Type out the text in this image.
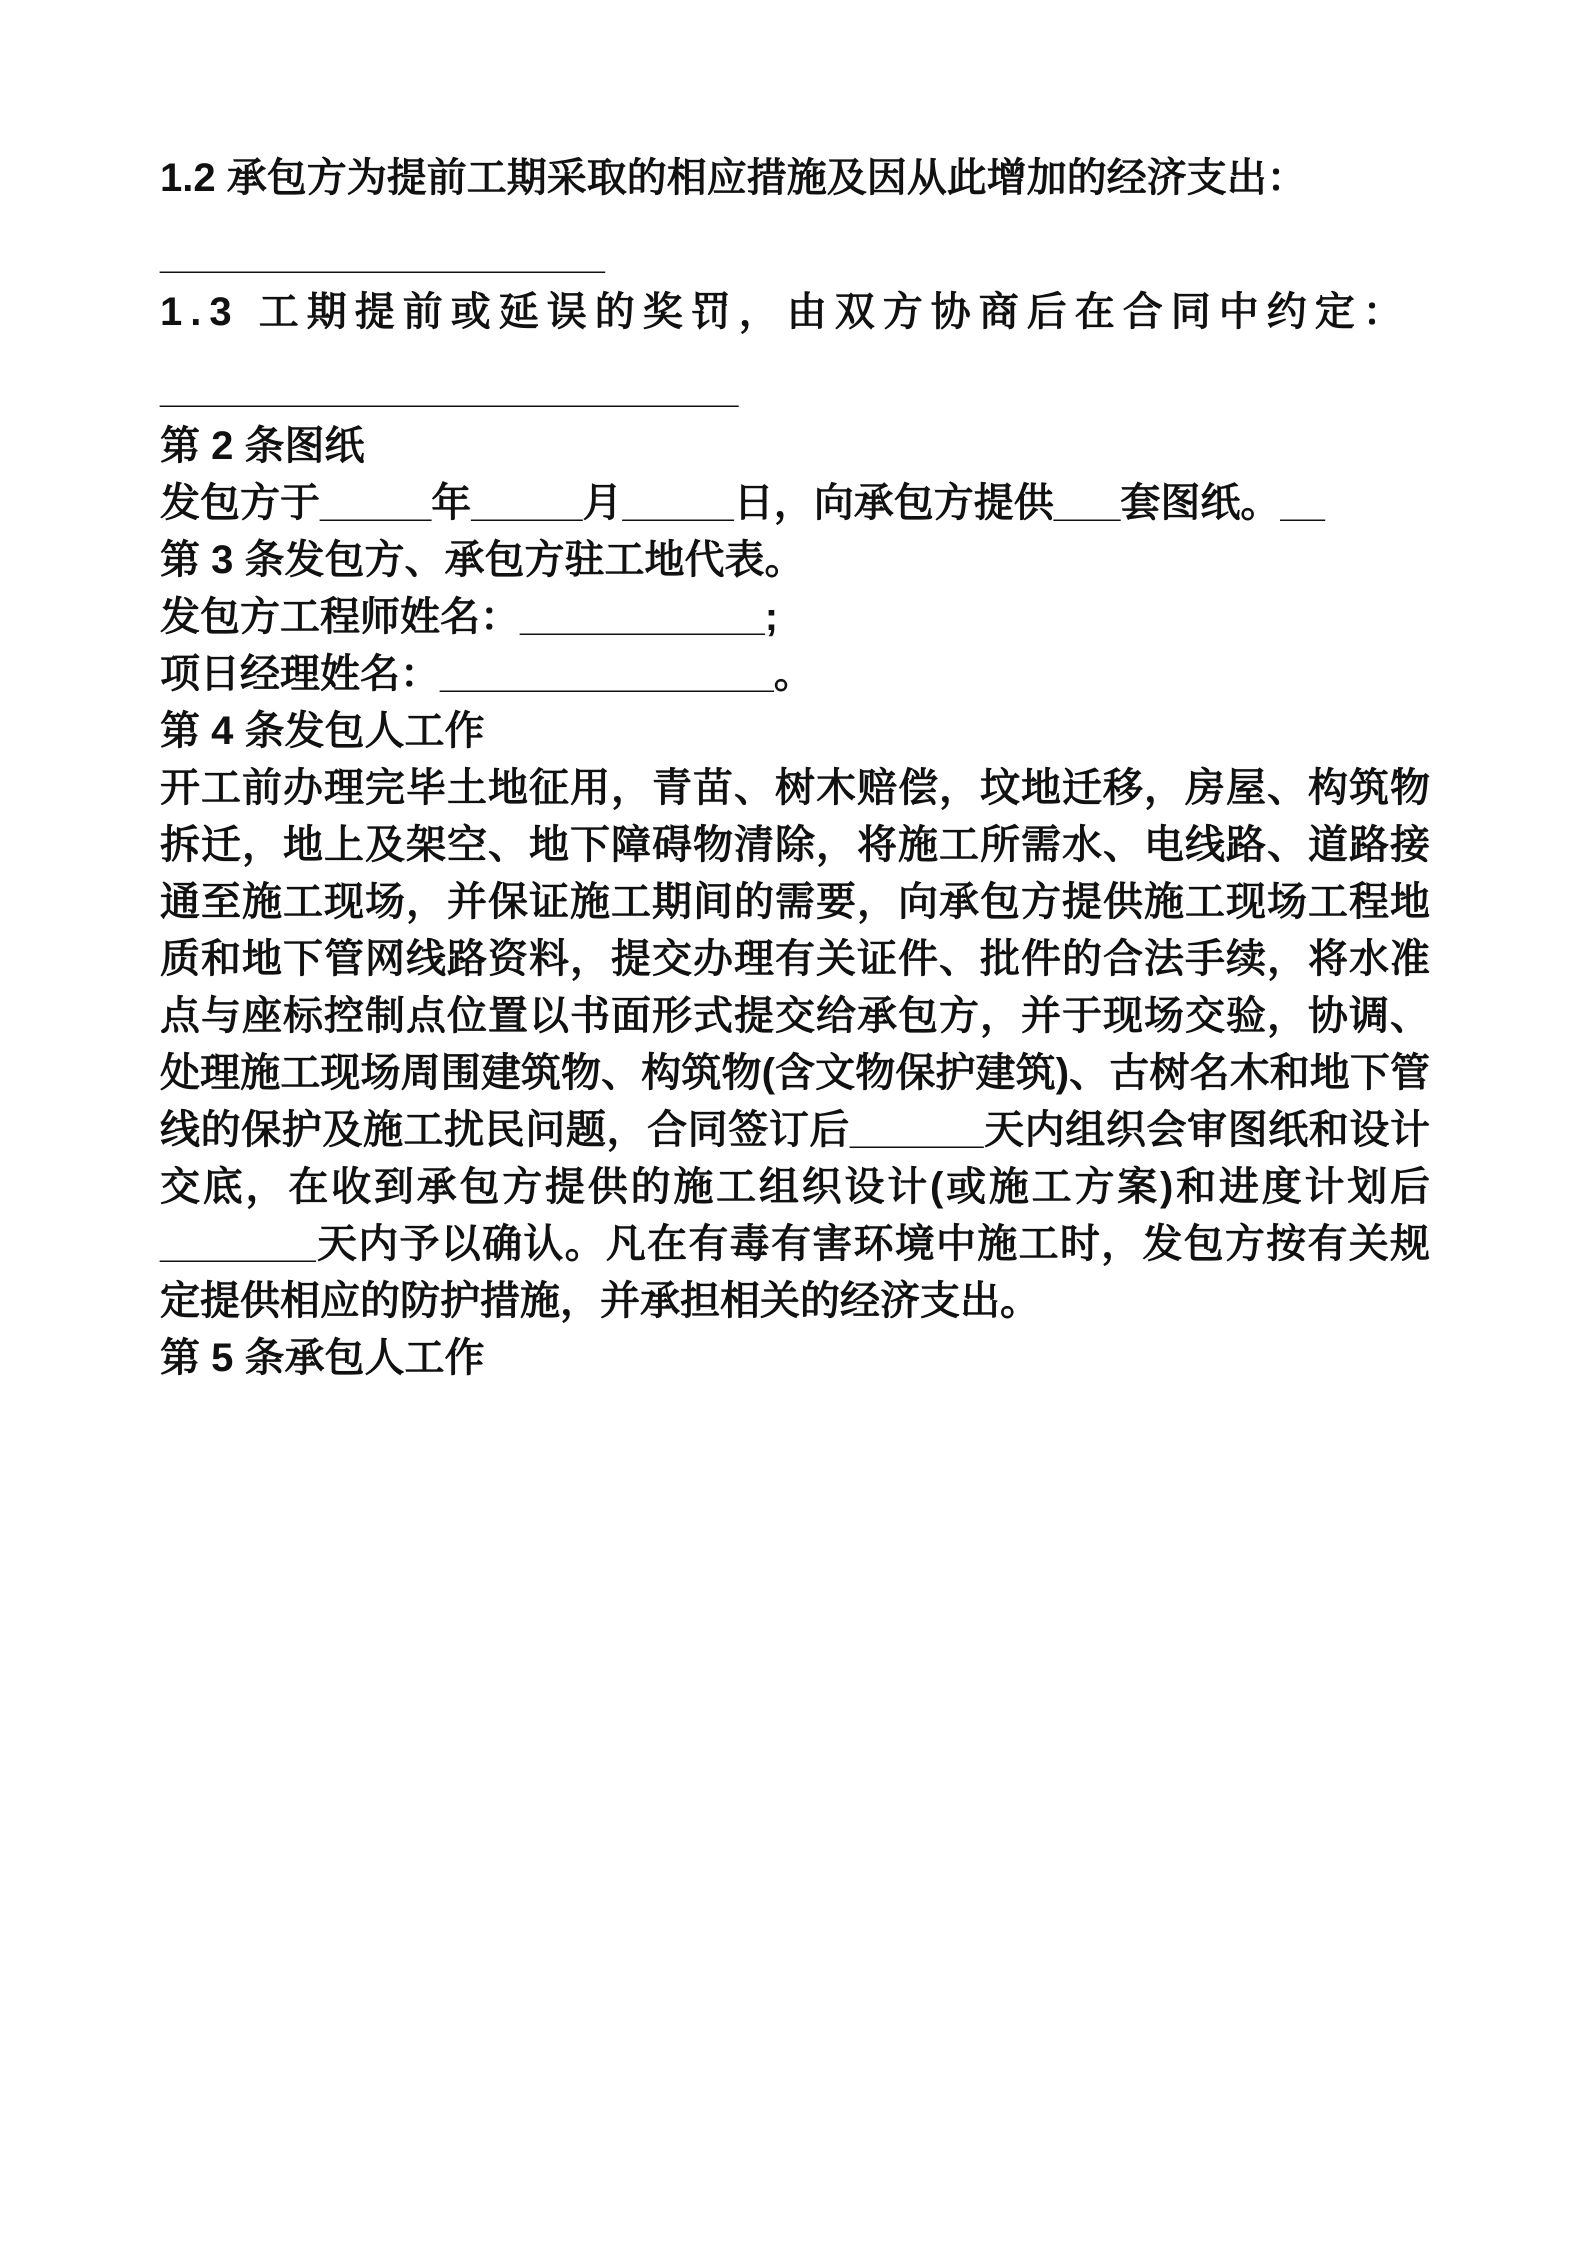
1.2 承包方为提前工期采取的相应措施及因从此增加的经济支出：

____________________

1.3 工期提前或延误的奖罚，由双方协商后在合同中约定：

__________________________

第 2 条图纸

发包方于_____年_____月_____日，向承包方提供___套图纸。__

第 3 条发包方、承包方驻工地代表。

发包方工程师姓名：___________;

项日经理姓名：_______________。

第 4 条发包人工作

开工前办理完毕土地征用，青苗、树木赔偿，坟地迁移，房屋、构筑物拆迁，地上及架空、地下障碍物清除，将施工所需水、电线路、道路接通至施工现场，并保证施工期间的需要，向承包方提供施工现场工程地质和地下管网线路资料，提交办理有关证件、批件的合法手续，将水准点与座标控制点位置以书面形式提交给承包方，并于现场交验，协调、处理施工现场周围建筑物、构筑物(含文物保护建筑)、古树名木和地下管线的保护及施工扰民问题，合同签订后______天内组织会审图纸和设计交底，在收到承包方提供的施工组织设计(或施工方案)和进度计划后_______天内予以确认。凡在有毒有害环境中施工时，发包方按有关规定提供相应的防护措施，并承担相关的经济支出。

第 5 条承包人工作
